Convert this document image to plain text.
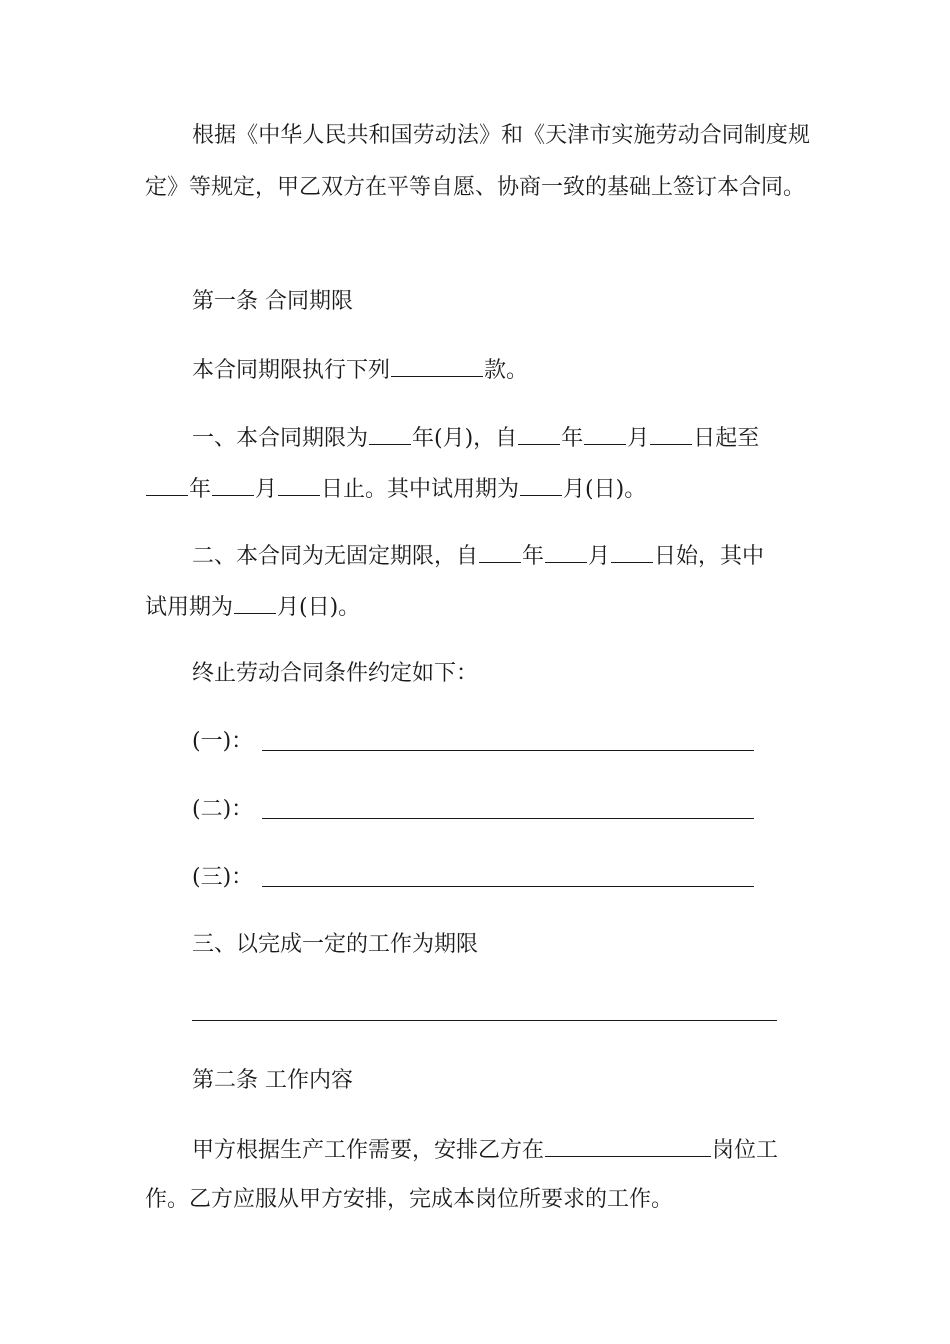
根据《中华人民共和国劳动法》和《天津市实施劳动合同制度规定》等规定，甲乙双方在平等自愿、协商一致的基础上签订本合同。
第一条 合同期限
本合同期限执行下列	款。
一、本合同期限为 年(月)，自 年 月 日起至
年 月 日止。其中试用期为 月(日)。
二、本合同为无固定期限，自 年 月 日始，其中
试用期为 月(日)。
终止劳动合同条件约定如下：
(一)：
(二)：
(三)：
三、以完成一定的工作为期限
第二条 工作内容
甲方根据生产工作需要，安排乙方在	岗位工
作。乙方应服从甲方安排，完成本岗位所要求的工作。
